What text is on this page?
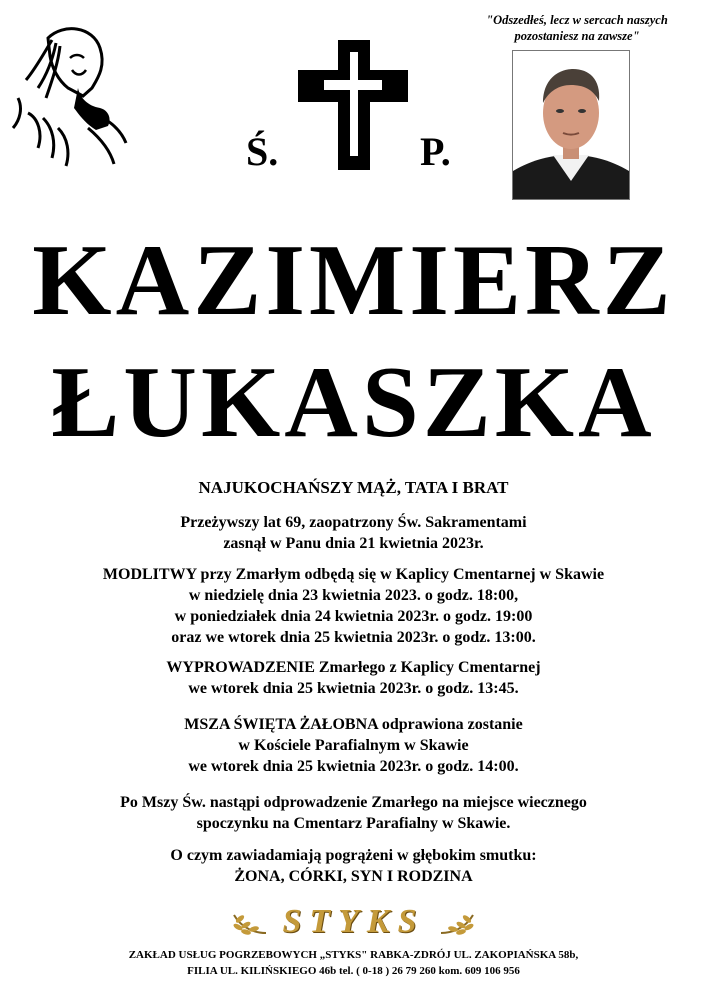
"Odszedłeś, lecz w sercach naszych
pozostaniesz na zawsze"
Ś.	P.
KAZIMIERZ
ŁUKASZKA
NAJUKOCHAŃSZY MĄŻ, TATA I BRAT
Przeżywszy lat 69, zaopatrzony Św. Sakramentami
zasnął w Panu dnia 21 kwietnia 2023r.
MODLITWY przy Zmarłym odbędą się w Kaplicy Cmentarnej w Skawie
w niedzielę dnia 23 kwietnia 2023. o godz. 18:00,
w poniedziałek dnia 24 kwietnia 2023r. o godz. 19:00
oraz we wtorek dnia 25 kwietnia 2023r. o godz. 13:00.
WYPROWADZENIE Zmarłego z Kaplicy Cmentarnej
we wtorek dnia 25 kwietnia 2023r. o godz. 13:45.
MSZA ŚWIĘTA ŻAŁOBNA odprawiona zostanie
w Kościele Parafialnym w Skawie
we wtorek dnia 25 kwietnia 2023r. o godz. 14:00.
Po Mszy Św. nastąpi odprowadzenie Zmarłego na miejsce wiecznego
spoczynku na Cmentarz Parafialny w Skawie.
O czym zawiadamiają pogrążeni w głębokim smutku:
ŻONA, CÓRKI, SYN I RODZINA
STYKS
ZAKŁAD USŁUG POGRZEBOWYCH „STYKS" RABKA-ZDRÓJ UL. ZAKOPIAŃSKA 58b,
FILIA UL. KILIŃSKIEGO 46b tel. ( 0-18 ) 26 79 260 kom. 609 106 956
